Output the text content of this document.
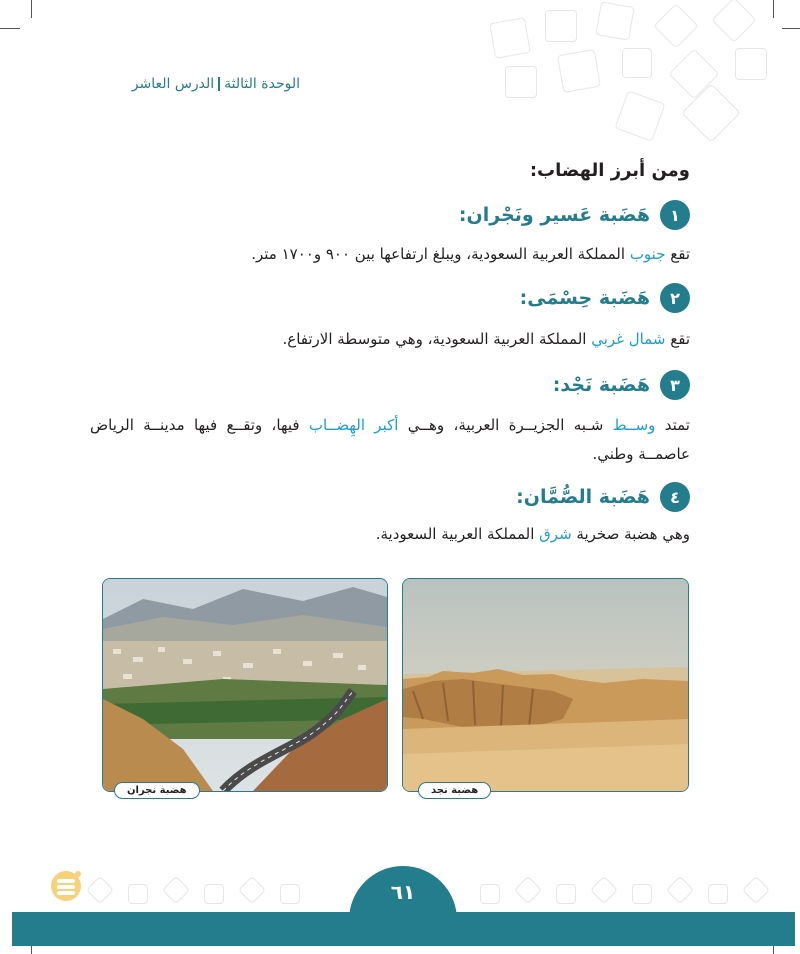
الوحدة الثالثةالدرس العاشر
ومن أبرز الهضاب:
١
هَضَبة عَسير ونَجْران:
تقع جنوب المملكة العربية السعودية، ويبلغ ارتفاعها بين ٩٠٠ و١٧٠٠ متر.
٢
هَضَبة حِسْمَى:
تقع شمال غربي المملكة العربية السعودية، وهي متوسطة الارتفاع.
٣
هَضَبة نَجْد:
تمتد وســط شـبه الجزيــرة العربية، وهــي أكبر الهِضــاب فيها، وتقــع فيها مدينــة الرياض عاصمــة وطني.
٤
هَضَبة الصُّمَّان:
وهي هضبة صخرية شرق المملكة العربية السعودية.
هضبة نجران	هضبة نجد
٦١
